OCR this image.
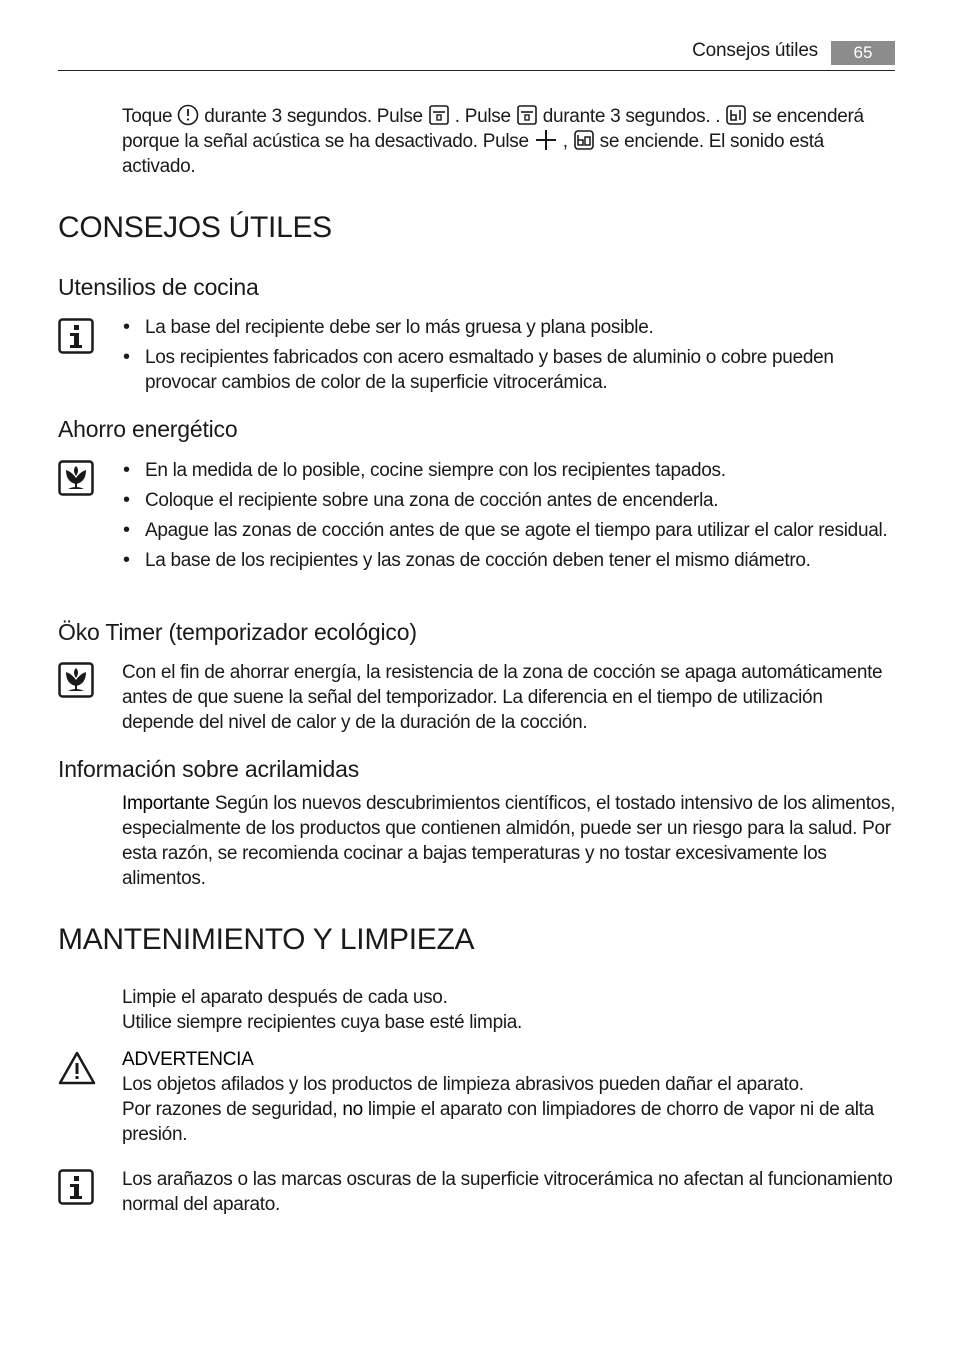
Consejos útiles	65
Toque durante 3 segundos. Pulse . Pulse durante 3 segundos. . se encenderá porque la señal acústica se ha desactivado. Pulse , se enciende. El sonido está activado.
CONSEJOS ÚTILES
Utensilios de cocina
• La base del recipiente debe ser lo más gruesa y plana posible.
• Los recipientes fabricados con acero esmaltado y bases de aluminio o cobre pueden provocar cambios de color de la superficie vitrocerámica.
Ahorro energético
• En la medida de lo posible, cocine siempre con los recipientes tapados.
• Coloque el recipiente sobre una zona de cocción antes de encenderla.
• Apague las zonas de cocción antes de que se agote el tiempo para utilizar el calor residual.
• La base de los recipientes y las zonas de cocción deben tener el mismo diámetro.
Öko Timer (temporizador ecológico)
Con el fin de ahorrar energía, la resistencia de la zona de cocción se apaga automáticamente antes de que suene la señal del temporizador. La diferencia en el tiempo de utilización depende del nivel de calor y de la duración de la cocción.
Información sobre acrilamidas
Importante Según los nuevos descubrimientos científicos, el tostado intensivo de los alimentos, especialmente de los productos que contienen almidón, puede ser un riesgo para la salud. Por esta razón, se recomienda cocinar a bajas temperaturas y no tostar excesivamente los alimentos.
MANTENIMIENTO Y LIMPIEZA
Limpie el aparato después de cada uso.
Utilice siempre recipientes cuya base esté limpia.
ADVERTENCIA
Los objetos afilados y los productos de limpieza abrasivos pueden dañar el aparato.
Por razones de seguridad, no limpie el aparato con limpiadores de chorro de vapor ni de alta presión.
Los arañazos o las marcas oscuras de la superficie vitrocerámica no afectan al funcionamiento normal del aparato.
